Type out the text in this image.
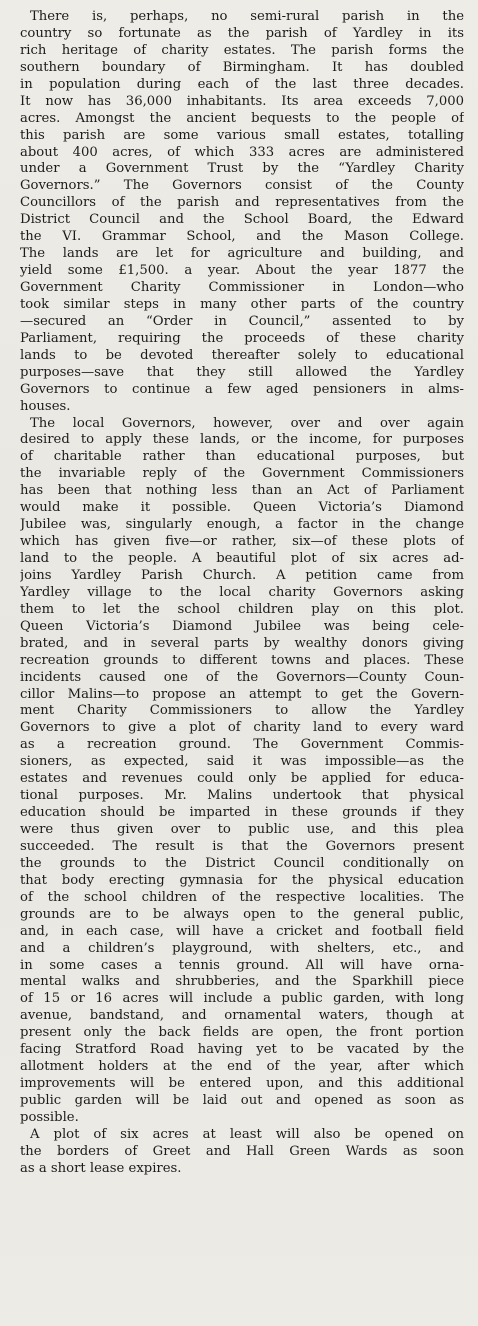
There is, perhaps, no semi-rural parish in the
country so fortunate as the parish of Yardley in its
rich heritage of charity estates. The parish forms the
southern boundary of Birmingham. It has doubled
in population during each of the last three decades.
It now has 36,000 inhabitants. Its area exceeds 7,000
acres. Amongst the ancient bequests to the people of
this parish are some various small estates, totalling
about 400 acres, of which 333 acres are administered
under a Government Trust by the “Yardley Charity
Governors.” The Governors consist of the County
Councillors of the parish and representatives from the
District Council and the School Board, the Edward
the VI. Grammar School, and the Mason College.
The lands are let for agriculture and building, and
yield some £1,500. a year. About the year 1877 the
Government Charity Commissioner in London—who
took similar steps in many other parts of the country
—secured an “Order in Council,” assented to by
Parliament, requiring the proceeds of these charity
lands to be devoted thereafter solely to educational
purposes—save that they still allowed the Yardley
Governors to continue a few aged pensioners in alms-
houses.
The local Governors, however, over and over again
desired to apply these lands, or the income, for purposes
of charitable rather than educational purposes, but
the invariable reply of the Government Commissioners
has been that nothing less than an Act of Parliament
would make it possible. Queen Victoria’s Diamond
Jubilee was, singularly enough, a factor in the change
which has given five—or rather, six—of these plots of
land to the people. A beautiful plot of six acres ad-
joins Yardley Parish Church. A petition came from
Yardley village to the local charity Governors asking
them to let the school children play on this plot.
Queen Victoria’s Diamond Jubilee was being cele-
brated, and in several parts by wealthy donors giving
recreation grounds to different towns and places. These
incidents caused one of the Governors—County Coun-
cillor Malins—to propose an attempt to get the Govern-
ment Charity Commissioners to allow the Yardley
Governors to give a plot of charity land to every ward
as a recreation ground. The Government Commis-
sioners, as expected, said it was impossible—as the
estates and revenues could only be applied for educa-
tional purposes. Mr. Malins undertook that physical
education should be imparted in these grounds if they
were thus given over to public use, and this plea
succeeded. The result is that the Governors present
the grounds to the District Council conditionally on
that body erecting gymnasia for the physical education
of the school children of the respective localities. The
grounds are to be always open to the general public,
and, in each case, will have a cricket and football field
and a children’s playground, with shelters, etc., and
in some cases a tennis ground. All will have orna-
mental walks and shrubberies, and the Sparkhill piece
of 15 or 16 acres will include a public garden, with long
avenue, bandstand, and ornamental waters, though at
present only the back fields are open, the front portion
facing Stratford Road having yet to be vacated by the
allotment holders at the end of the year, after which
improvements will be entered upon, and this additional
public garden will be laid out and opened as soon as
possible.
A plot of six acres at least will also be opened on
the borders of Greet and Hall Green Wards as soon
as a short lease expires.
